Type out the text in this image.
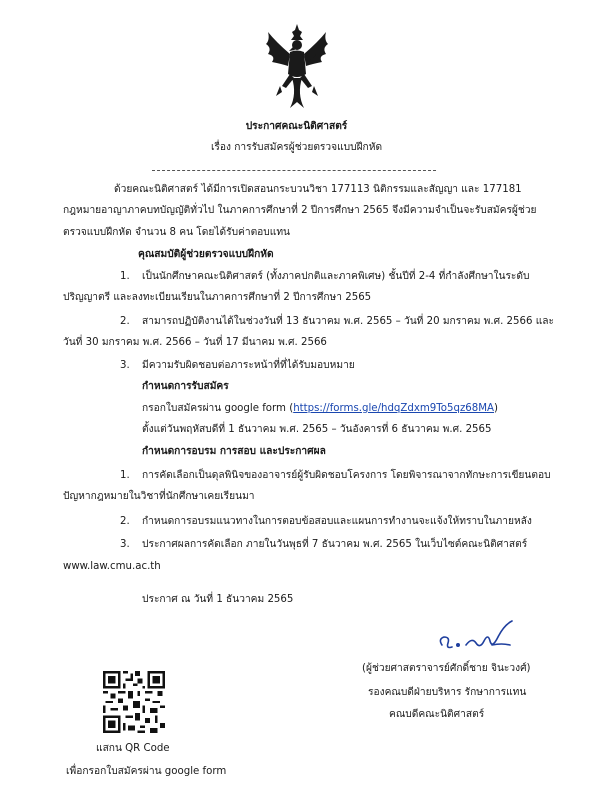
ประกาศคณะนิติศาสตร์
เรื่อง การรับสมัครผู้ช่วยตรวจแบบฝึกหัด
ด้วยคณะนิติศาสตร์ ได้มีการเปิดสอนกระบวนวิชา 177113 นิติกรรมและสัญญา และ 177181
กฎหมายอาญาภาคบทบัญญัติทั่วไป ในภาคการศึกษาที่ 2 ปีการศึกษา 2565 จึงมีความจำเป็นจะรับสมัครผู้ช่วย
ตรวจแบบฝึกหัด จำนวน 8 คน โดยได้รับค่าตอบแทน
คุณสมบัติผู้ช่วยตรวจแบบฝึกหัด
1. เป็นนักศึกษาคณะนิติศาสตร์ (ทั้งภาคปกติและภาคพิเศษ) ชั้นปีที่ 2-4 ที่กำลังศึกษาในระดับ
ปริญญาตรี และลงทะเบียนเรียนในภาคการศึกษาที่ 2 ปีการศึกษา 2565
2. สามารถปฏิบัติงานได้ในช่วงวันที่ 13 ธันวาคม พ.ศ. 2565 – วันที่ 20 มกราคม พ.ศ. 2566 และ
วันที่ 30 มกราคม พ.ศ. 2566 – วันที่ 17 มีนาคม พ.ศ. 2566
3. มีความรับผิดชอบต่อภาระหน้าที่ที่ได้รับมอบหมาย
กำหนดการรับสมัคร
กรอกใบสมัครผ่าน google form (https://forms.gle/hdqZdxm9To5qz68MA)
ตั้งแต่วันพฤหัสบดีที่ 1 ธันวาคม พ.ศ. 2565 – วันอังคารที่ 6 ธันวาคม พ.ศ. 2565
กำหนดการอบรม การสอบ และประกาศผล
1. การคัดเลือกเป็นดุลพินิจของอาจารย์ผู้รับผิดชอบโครงการ โดยพิจารณาจากทักษะการเขียนตอบ
ปัญหากฎหมายในวิชาที่นักศึกษาเคยเรียนมา
2. กำหนดการอบรมแนวทางในการตอบข้อสอบและแผนการทำงานจะแจ้งให้ทราบในภายหลัง
3. ประกาศผลการคัดเลือก ภายในวันพุธที่ 7 ธันวาคม พ.ศ. 2565 ในเว็บไซต์คณะนิติศาสตร์
www.law.cmu.ac.th
ประกาศ ณ วันที่ 1 ธันวาคม 2565
(ผู้ช่วยศาสตราจารย์ศักดิ์ชาย จินะวงศ์)
รองคณบดีฝ่ายบริหาร รักษาการแทน
คณบดีคณะนิติศาสตร์
แสกน QR Code
เพื่อกรอกใบสมัครผ่าน google form
